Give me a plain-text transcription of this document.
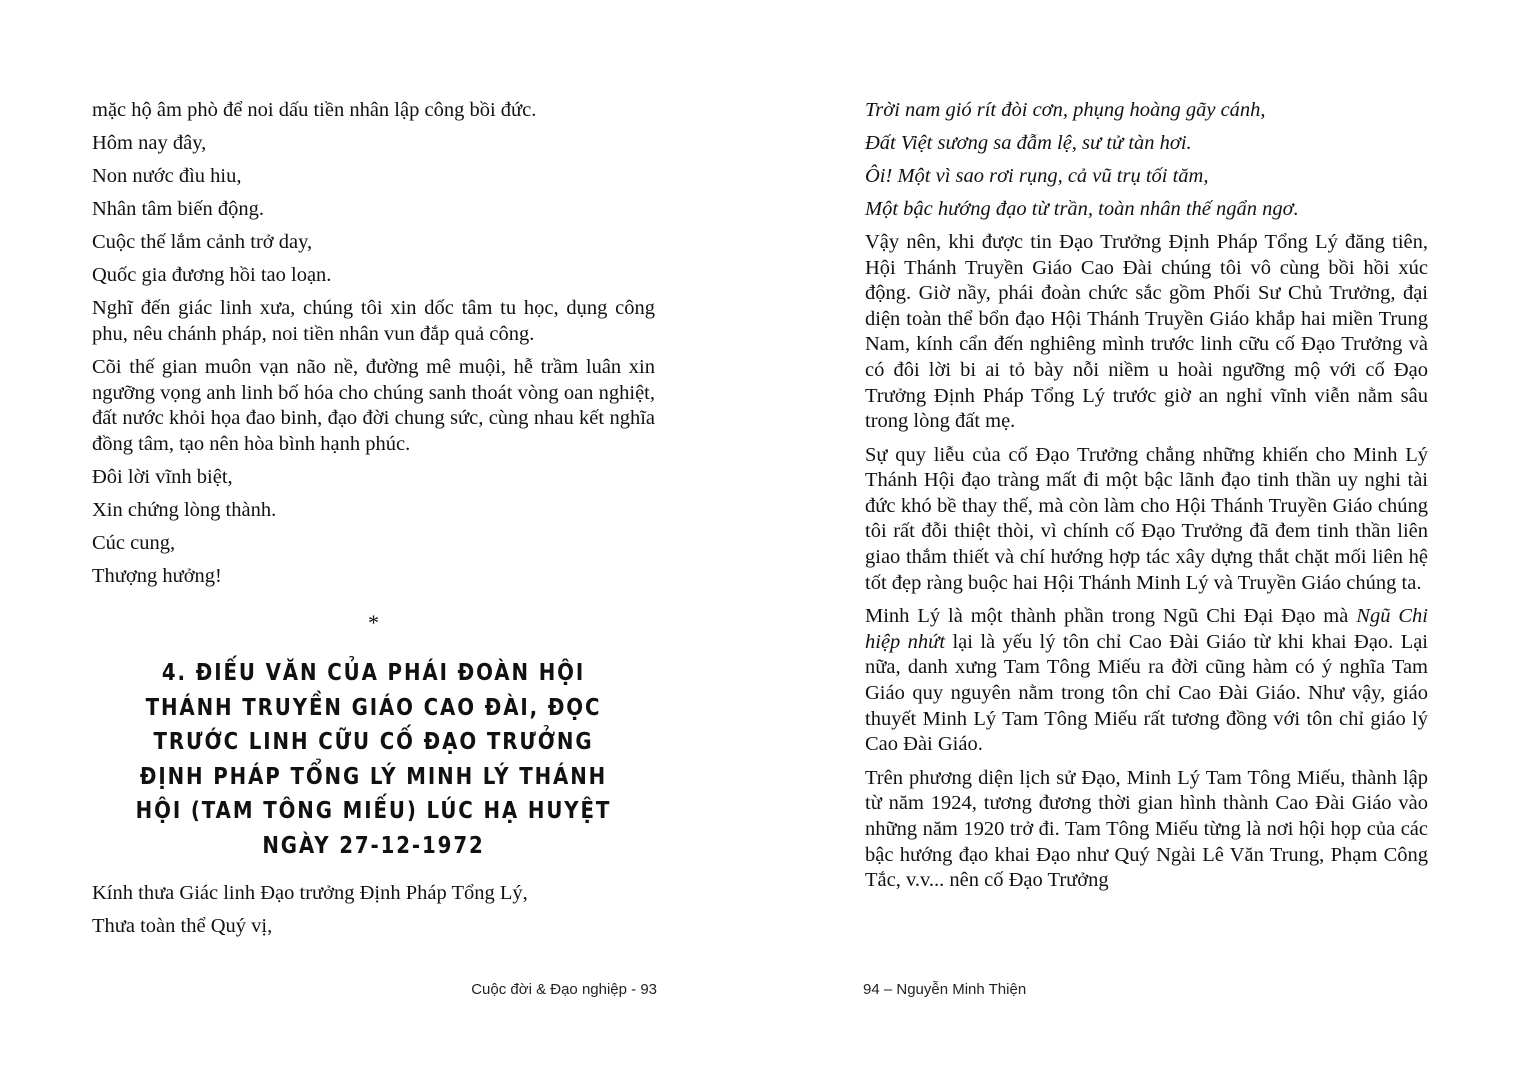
mặc hộ âm phò để noi dấu tiền nhân lập công bồi đức.

Hôm nay đây,

Non nước đìu hiu,

Nhân tâm biến động.

Cuộc thế lắm cảnh trở day,

Quốc gia đương hồi tao loạn.

Nghĩ đến giác linh xưa, chúng tôi xin dốc tâm tu học, dụng công phu, nêu chánh pháp, noi tiền nhân vun đắp quả công.

Cõi thế gian muôn vạn não nề, đường mê muội, hễ trầm luân xin ngưỡng vọng anh linh bố hóa cho chúng sanh thoát vòng oan nghiệt, đất nước khỏi họa đao binh, đạo đời chung sức, cùng nhau kết nghĩa đồng tâm, tạo nên hòa bình hạnh phúc.

Đôi lời vĩnh biệt,

Xin chứng lòng thành.

Cúc cung,

Thượng hưởng!

*
4. ĐIẾU VĂN CỦA PHÁI ĐOÀN HỘI THÁNH TRUYỀN GIÁO CAO ĐÀI, ĐỌC TRƯỚC LINH CỮU CỐ ĐẠO TRƯỞNG ĐỊNH PHÁP TỔNG LÝ MINH LÝ THÁNH HỘI (TAM TÔNG MIẾU) LÚC HẠ HUYỆT NGÀY 27-12-1972

Kính thưa Giác linh Đạo trưởng Định Pháp Tổng Lý,

Thưa toàn thể Quý vị,

Cuộc đời & Đạo nghiệp - 93

Trời nam gió rít đòi cơn, phụng hoàng gãy cánh,

Đất Việt sương sa đẫm lệ, sư tử tàn hơi.

Ôi! Một vì sao rơi rụng, cả vũ trụ tối tăm,

Một bậc hướng đạo từ trần, toàn nhân thế ngẩn ngơ.

Vậy nên, khi được tin Đạo Trưởng Định Pháp Tổng Lý đăng tiên, Hội Thánh Truyền Giáo Cao Đài chúng tôi vô cùng bồi hồi xúc động. Giờ nầy, phái đoàn chức sắc gồm Phối Sư Chủ Trưởng, đại diện toàn thể bổn đạo Hội Thánh Truyền Giáo khắp hai miền Trung Nam, kính cẩn đến nghiêng mình trước linh cữu cố Đạo Trưởng và có đôi lời bi ai tỏ bày nỗi niềm u hoài ngưỡng mộ với cố Đạo Trưởng Định Pháp Tổng Lý trước giờ an nghỉ vĩnh viễn nằm sâu trong lòng đất mẹ.

Sự quy liễu của cố Đạo Trưởng chẳng những khiến cho Minh Lý Thánh Hội đạo tràng mất đi một bậc lãnh đạo tinh thần uy nghi tài đức khó bề thay thế, mà còn làm cho Hội Thánh Truyền Giáo chúng tôi rất đỗi thiệt thòi, vì chính cố Đạo Trưởng đã đem tinh thần liên giao thắm thiết và chí hướng hợp tác xây dựng thắt chặt mối liên hệ tốt đẹp ràng buộc hai Hội Thánh Minh Lý và Truyền Giáo chúng ta.

Minh Lý là một thành phần trong Ngũ Chi Đại Đạo mà Ngũ Chi hiệp nhứt lại là yếu lý tôn chỉ Cao Đài Giáo từ khi khai Đạo. Lại nữa, danh xưng Tam Tông Miếu ra đời cũng hàm có ý nghĩa Tam Giáo quy nguyên nằm trong tôn chỉ Cao Đài Giáo. Như vậy, giáo thuyết Minh Lý Tam Tông Miếu rất tương đồng với tôn chỉ giáo lý Cao Đài Giáo.

Trên phương diện lịch sử Đạo, Minh Lý Tam Tông Miếu, thành lập từ năm 1924, tương đương thời gian hình thành Cao Đài Giáo vào những năm 1920 trở đi. Tam Tông Miếu từng là nơi hội họp của các bậc hướng đạo khai Đạo như Quý Ngài Lê Văn Trung, Phạm Công Tắc, v.v... nên cố Đạo Trưởng

94 – Nguyễn Minh Thiện
